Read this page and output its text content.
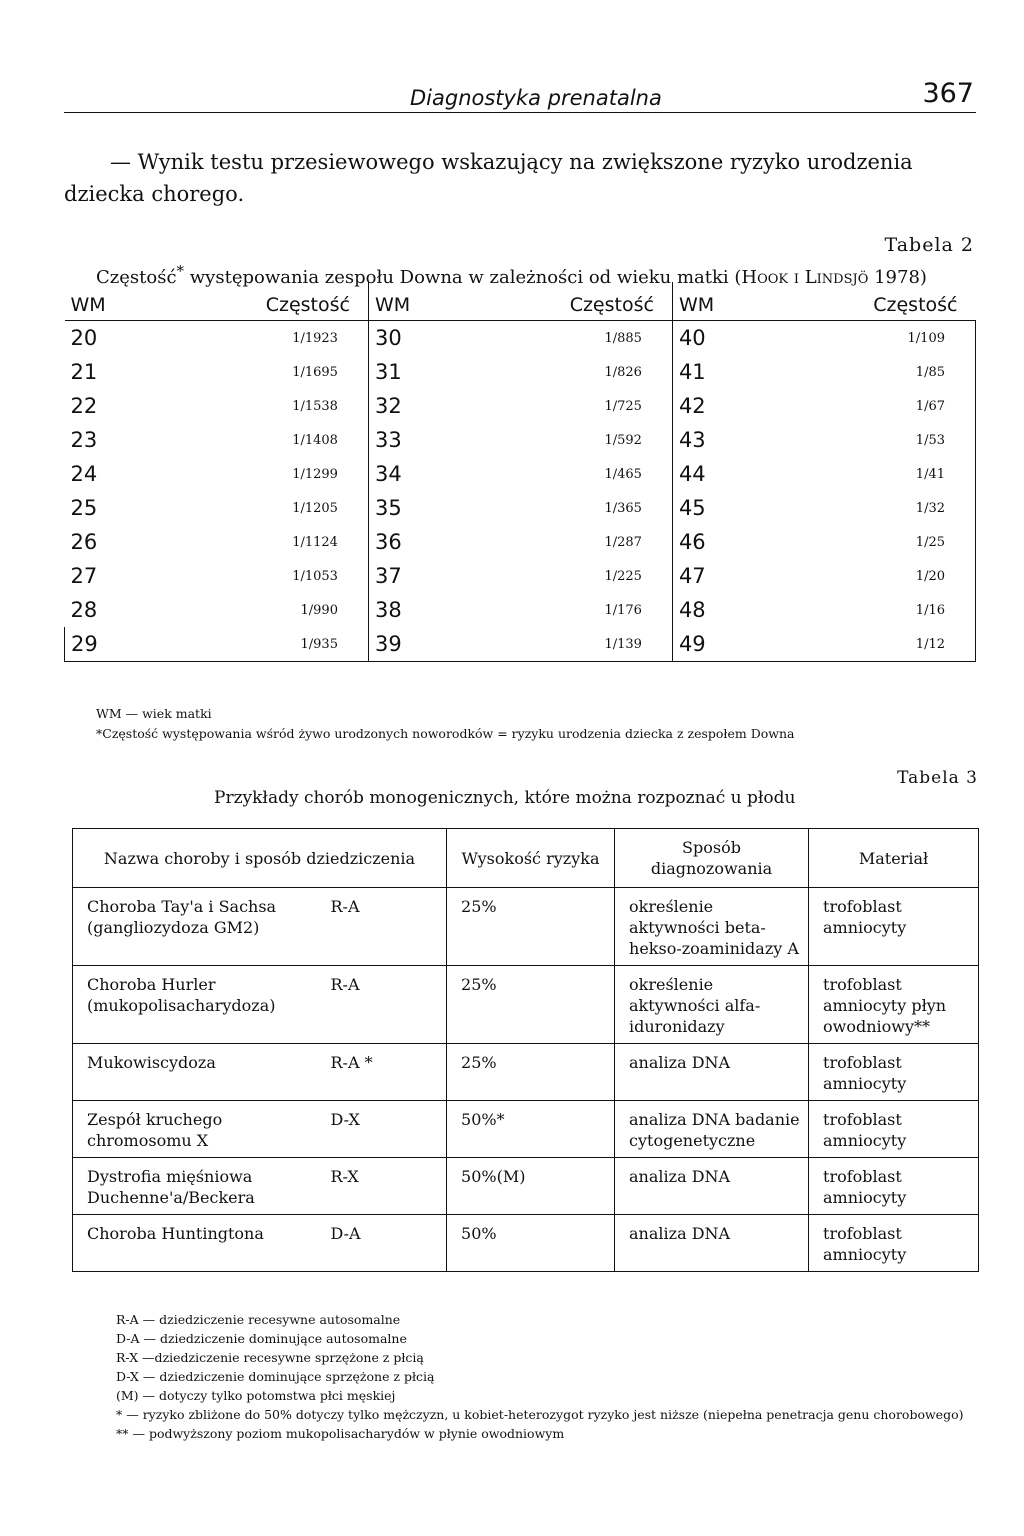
Diagnostyka prenatalna	367
— Wynik testu przesiewowego wskazujący na zwiększone ryzyko urodzenia
dziecka chorego.
Tabela 2
Częstość* występowania zespołu Downa w zależności od wieku matki (Hook i Lindsjö 1978)
WM	Częstość	WM	Częstość	WM	Częstość
20	1/1923	30	1/885	40	1/109
21	1/1695	31	1/826	41	1/85
22	1/1538	32	1/725	42	1/67
23	1/1408	33	1/592	43	1/53
24	1/1299	34	1/465	44	1/41
25	1/1205	35	1/365	45	1/32
26	1/1124	36	1/287	46	1/25
27	1/1053	37	1/225	47	1/20
28	1/990	38	1/176	48	1/16
29	1/935	39	1/139	49	1/12
WM — wiek matki
*Częstość występowania wśród żywo urodzonych noworodków = ryzyku urodzenia dziecka z zespołem Downa
Tabela 3
Przykłady chorób monogenicznych, które można rozpoznać u płodu
Nazwa choroby i sposób dziedziczenia		Wysokość ryzyka	Sposób diagnozowania	Materiał
Choroba Tay'a i Sachsa (gangliozydoza GM2)	R-A	25%	określenie aktywności beta-hekso-zoaminidazy A	trofoblast amniocyty
Choroba Hurler (mukopolisacharydoza)	R-A	25%	określenie aktywności alfa-iduronidazy	trofoblast amniocyty płyn owodniowy**
Mukowiscydoza	R-A *	25%	analiza DNA	trofoblast amniocyty
Zespół kruchego chromosomu X	D-X	50%*	analiza DNA badanie cytogenetyczne	trofoblast amniocyty
Dystrofia mięśniowa Duchenne'a/Beckera	R-X	50%(M)	analiza DNA	trofoblast amniocyty
Choroba Huntingtona	D-A	50%	analiza DNA	trofoblast amniocyty
R-A — dziedziczenie recesywne autosomalne
D-A — dziedziczenie dominujące autosomalne
R-X —dziedziczenie recesywne sprzężone z płcią
D-X — dziedziczenie dominujące sprzężone z płcią
(M) — dotyczy tylko potomstwa płci męskiej
* — ryzyko zbliżone do 50% dotyczy tylko mężczyzn, u kobiet-heterozygot ryzyko jest niższe (niepełna penetracja genu chorobowego)
** — podwyższony poziom mukopolisacharydów w płynie owodniowym
